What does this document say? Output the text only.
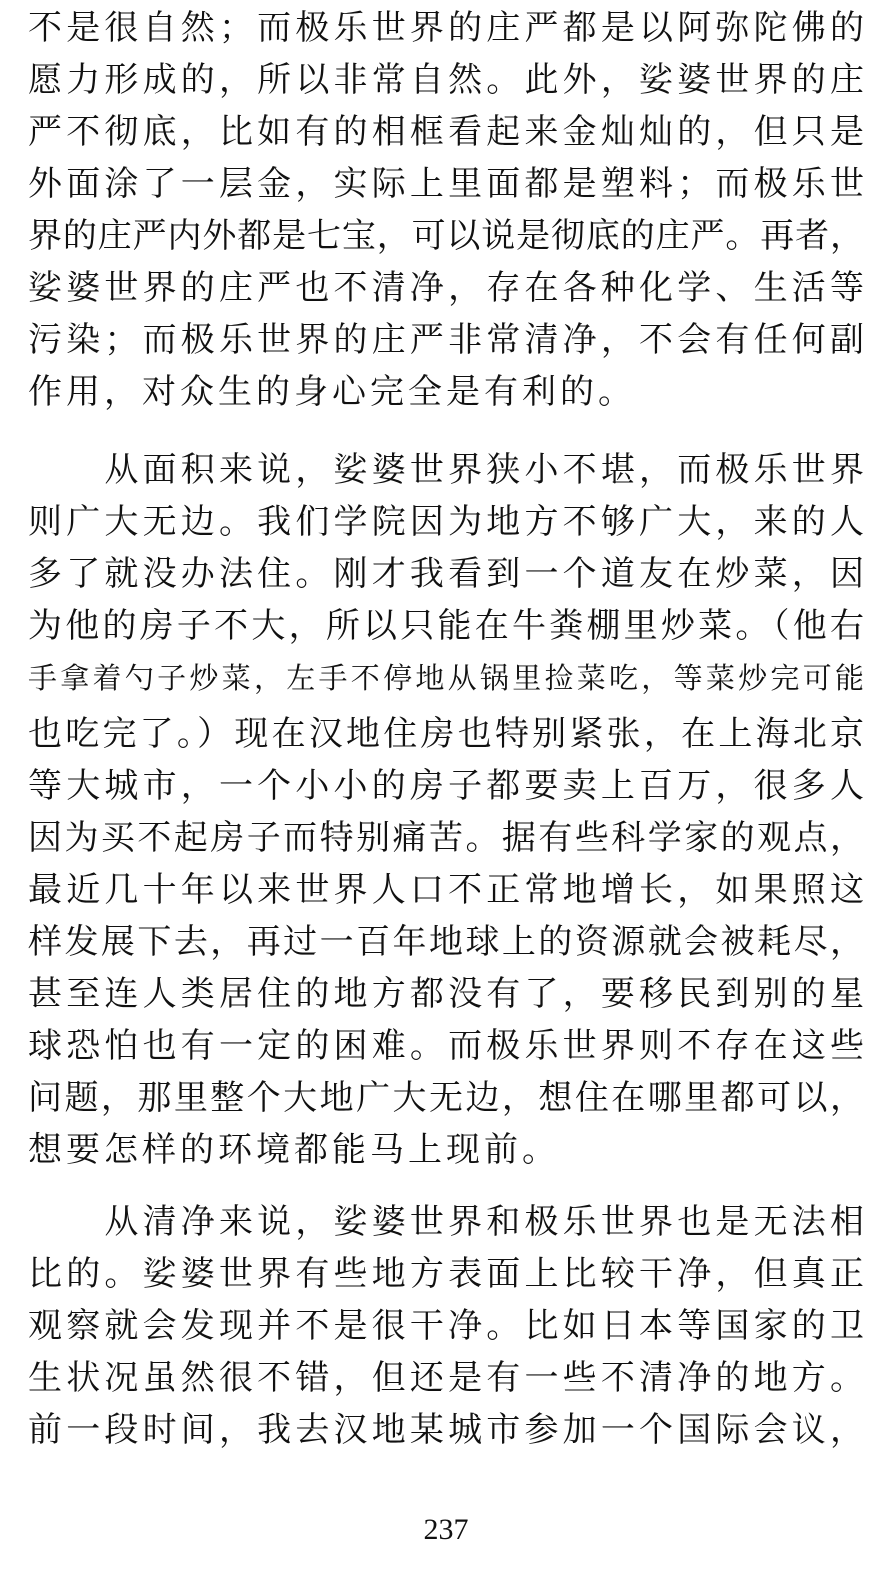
不是很自然；而极乐世界的庄严都是以阿弥陀佛的
愿力形成的，所以非常自然。此外，娑婆世界的庄
严不彻底，比如有的相框看起来金灿灿的，但只是
外面涂了一层金，实际上里面都是塑料；而极乐世
界的庄严内外都是七宝，可以说是彻底的庄严。再者，
娑婆世界的庄严也不清净，存在各种化学、生活等
污染；而极乐世界的庄严非常清净，不会有任何副
作用，对众生的身心完全是有利的。
　　从面积来说，娑婆世界狭小不堪，而极乐世界
则广大无边。我们学院因为地方不够广大，来的人
多了就没办法住。刚才我看到一个道友在炒菜，因
为他的房子不大，所以只能在牛粪棚里炒菜。（他右
手拿着勺子炒菜，左手不停地从锅里捡菜吃，等菜炒完可能
也吃完了。）现在汉地住房也特别紧张，在上海北京
等大城市，一个小小的房子都要卖上百万，很多人
因为买不起房子而特别痛苦。据有些科学家的观点，
最近几十年以来世界人口不正常地增长，如果照这
样发展下去，再过一百年地球上的资源就会被耗尽，
甚至连人类居住的地方都没有了，要移民到别的星
球恐怕也有一定的困难。而极乐世界则不存在这些
问题，那里整个大地广大无边，想住在哪里都可以，
想要怎样的环境都能马上现前。
　　从清净来说，娑婆世界和极乐世界也是无法相
比的。娑婆世界有些地方表面上比较干净，但真正
观察就会发现并不是很干净。比如日本等国家的卫
生状况虽然很不错，但还是有一些不清净的地方。
前一段时间，我去汉地某城市参加一个国际会议，
237
